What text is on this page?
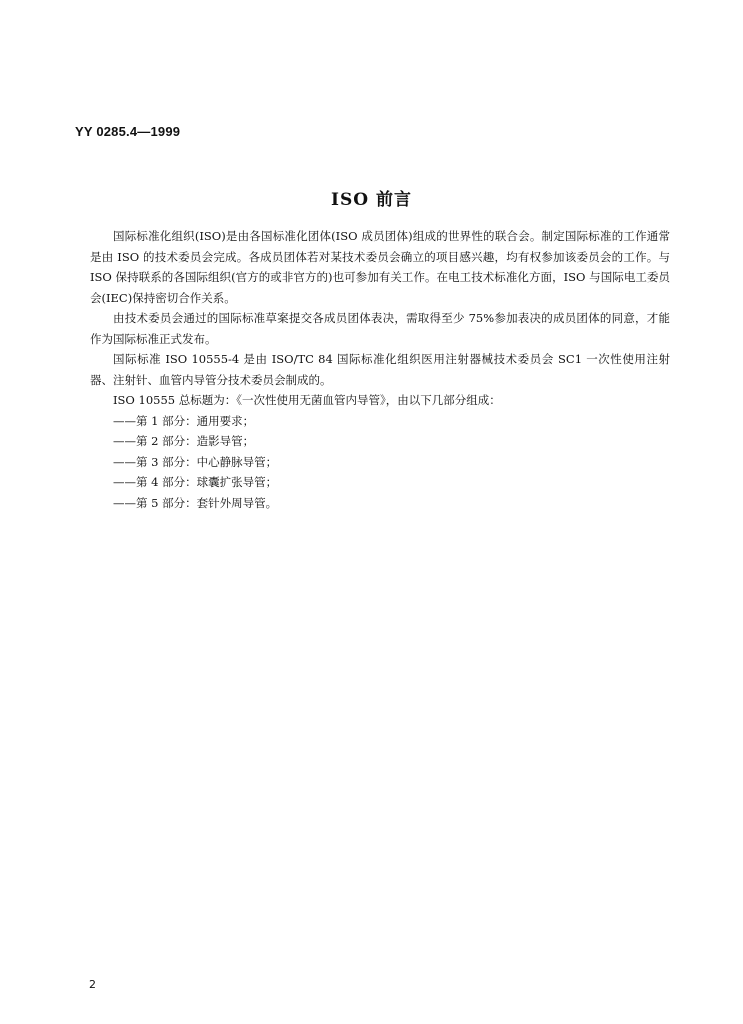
YY 0285.4—1999
ISO 前言

国际标准化组织(ISO)是由各国标准化团体(ISO 成员团体)组成的世界性的联合会。制定国际标准的工作通常是由 ISO 的技术委员会完成。各成员团体若对某技术委员会确立的项目感兴趣，均有权参加该委员会的工作。与 ISO 保持联系的各国际组织(官方的或非官方的)也可参加有关工作。在电工技术标准化方面，ISO 与国际电工委员会(IEC)保持密切合作关系。

由技术委员会通过的国际标准草案提交各成员团体表决，需取得至少 75%参加表决的成员团体的同意，才能作为国际标准正式发布。

国际标准 ISO 10555-4 是由 ISO/TC 84 国际标准化组织医用注射器械技术委员会 SC1 一次性使用注射器、注射针、血管内导管分技术委员会制成的。

ISO 10555 总标题为：《一次性使用无菌血管内导管》，由以下几部分组成：

——第 1 部分：通用要求；
——第 2 部分：造影导管；
——第 3 部分：中心静脉导管；
——第 4 部分：球囊扩张导管；
——第 5 部分：套针外周导管。
2
